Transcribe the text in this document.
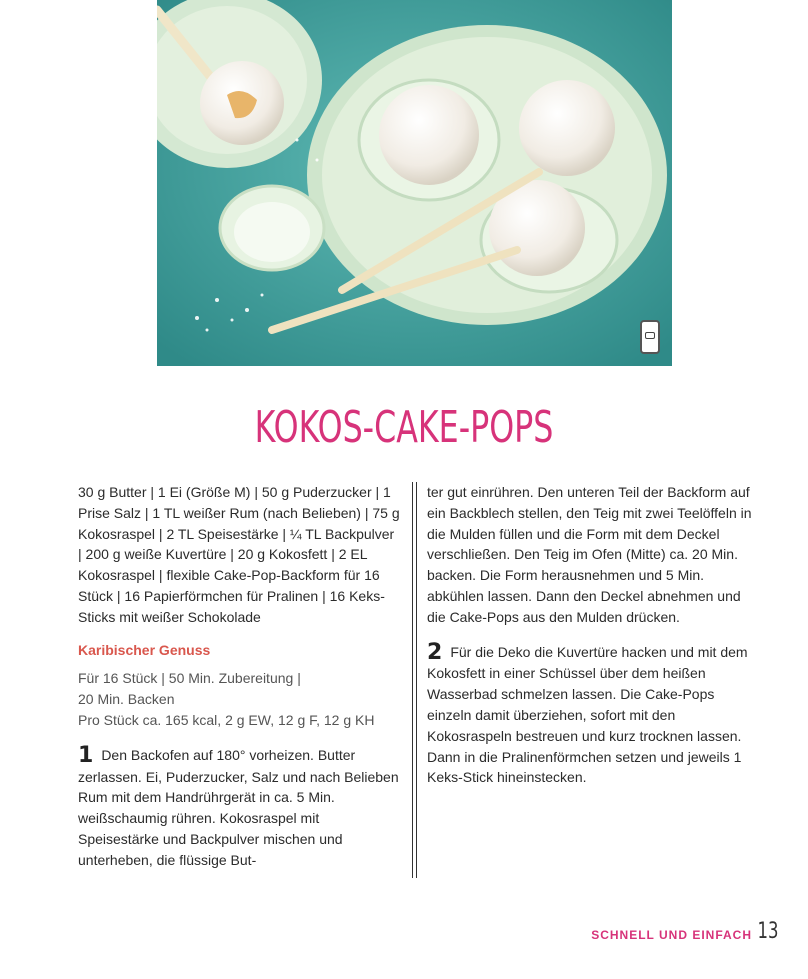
KOKOS-CAKE-POPS
30 g Butter | 1 Ei (Größe M) | 50 g Puderzucker | 1 Prise Salz | 1 TL weißer Rum (nach Belieben) | 75 g Kokosraspel | 2 TL Speisestärke | ¼ TL Backpulver | 200 g weiße Kuvertüre | 20 g Kokosfett | 2 EL Kokosraspel | flexible Cake-Pop-Backform für 16 Stück | 16 Papierförmchen für Pralinen | 16 Keks-Sticks mit weißer Schokolade
Karibischer Genuss
Für 16 Stück | 50 Min. Zubereitung |
20 Min. Backen
Pro Stück ca. 165 kcal, 2 g EW, 12 g F, 12 g KH
1 Den Backofen auf 180° vorheizen. Butter zerlassen. Ei, Puderzucker, Salz und nach Belieben Rum mit dem Handrührgerät in ca. 5 Min. weißschaumig rühren. Kokosraspel mit Speisestärke und Backpulver mischen und unterheben, die flüssige But-
ter gut einrühren. Den unteren Teil der Backform auf ein Backblech stellen, den Teig mit zwei Teelöffeln in die Mulden füllen und die Form mit dem Deckel verschließen. Den Teig im Ofen (Mitte) ca. 20 Min. backen. Die Form herausnehmen und 5 Min. abkühlen lassen. Dann den Deckel abnehmen und die Cake-Pops aus den Mulden drücken.
2 Für die Deko die Kuvertüre hacken und mit dem Kokosfett in einer Schüssel über dem heißen Wasserbad schmelzen lassen. Die Cake-Pops einzeln damit überziehen, sofort mit den Kokosraspeln bestreuen und kurz trocknen lassen. Dann in die Pralinenförmchen setzen und jeweils 1 Keks-Stick hineinstecken.
SCHNELL UND EINFACH 13
